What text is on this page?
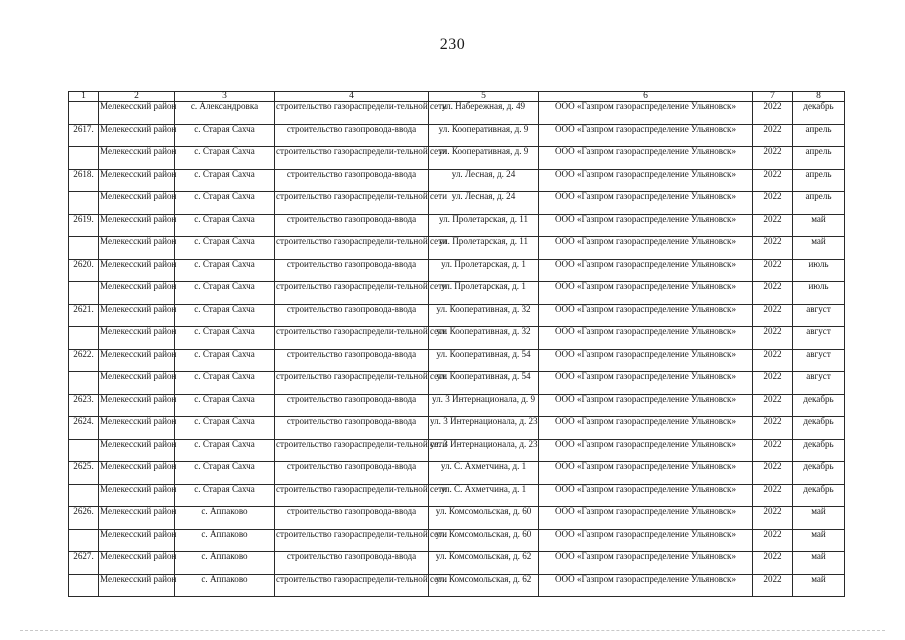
230
1	2	3	4	5	6	7	8
	Мелекесский район	с. Александровка	строительство газораспредели-тельной сети	ул. Набережная, д. 49	ООО «Газпром газораспределение Ульяновск»	2022	декабрь
2617.	Мелекесский район	с. Старая Сахча	строительство газопровода-ввода	ул. Кооперативная, д. 9	ООО «Газпром газораспределение Ульяновск»	2022	апрель
	Мелекесский район	с. Старая Сахча	строительство газораспредели-тельной сети	ул. Кооперативная, д. 9	ООО «Газпром газораспределение Ульяновск»	2022	апрель
2618.	Мелекесский район	с. Старая Сахча	строительство газопровода-ввода	ул. Лесная, д. 24	ООО «Газпром газораспределение Ульяновск»	2022	апрель
	Мелекесский район	с. Старая Сахча	строительство газораспредели-тельной сети	ул. Лесная, д. 24	ООО «Газпром газораспределение Ульяновск»	2022	апрель
2619.	Мелекесский район	с. Старая Сахча	строительство газопровода-ввода	ул. Пролетарская, д. 11	ООО «Газпром газораспределение Ульяновск»	2022	май
	Мелекесский район	с. Старая Сахча	строительство газораспредели-тельной сети	ул. Пролетарская, д. 11	ООО «Газпром газораспределение Ульяновск»	2022	май
2620.	Мелекесский район	с. Старая Сахча	строительство газопровода-ввода	ул. Пролетарская, д. 1	ООО «Газпром газораспределение Ульяновск»	2022	июль
	Мелекесский район	с. Старая Сахча	строительство газораспредели-тельной сети	ул. Пролетарская, д. 1	ООО «Газпром газораспределение Ульяновск»	2022	июль
2621.	Мелекесский район	с. Старая Сахча	строительство газопровода-ввода	ул. Кооперативная, д. 32	ООО «Газпром газораспределение Ульяновск»	2022	август
	Мелекесский район	с. Старая Сахча	строительство газораспредели-тельной сети	ул. Кооперативная, д. 32	ООО «Газпром газораспределение Ульяновск»	2022	август
2622.	Мелекесский район	с. Старая Сахча	строительство газопровода-ввода	ул. Кооперативная, д. 54	ООО «Газпром газораспределение Ульяновск»	2022	август
	Мелекесский район	с. Старая Сахча	строительство газораспредели-тельной сети	ул. Кооперативная, д. 54	ООО «Газпром газораспределение Ульяновск»	2022	август
2623.	Мелекесский район	с. Старая Сахча	строительство газопровода-ввода	ул. 3 Интернационала, д. 9	ООО «Газпром газораспределение Ульяновск»	2022	декабрь
2624.	Мелекесский район	с. Старая Сахча	строительство газопровода-ввода	ул. 3 Интернационала, д. 23	ООО «Газпром газораспределение Ульяновск»	2022	декабрь
	Мелекесский район	с. Старая Сахча	строительство газораспредели-тельной сети	ул. 3 Интернационала, д. 23	ООО «Газпром газораспределение Ульяновск»	2022	декабрь
2625.	Мелекесский район	с. Старая Сахча	строительство газопровода-ввода	ул. С. Ахметчина, д. 1	ООО «Газпром газораспределение Ульяновск»	2022	декабрь
	Мелекесский район	с. Старая Сахча	строительство газораспредели-тельной сети	ул. С. Ахметчина, д. 1	ООО «Газпром газораспределение Ульяновск»	2022	декабрь
2626.	Мелекесский район	с. Аппаково	строительство газопровода-ввода	ул. Комсомольская, д. 60	ООО «Газпром газораспределение Ульяновск»	2022	май
	Мелекесский район	с. Аппаково	строительство газораспредели-тельной сети	ул. Комсомольская, д. 60	ООО «Газпром газораспределение Ульяновск»	2022	май
2627.	Мелекесский район	с. Аппаково	строительство газопровода-ввода	ул. Комсомольская, д. 62	ООО «Газпром газораспределение Ульяновск»	2022	май
	Мелекесский район	с. Аппаково	строительство газораспредели-тельной сети	ул. Комсомольская, д. 62	ООО «Газпром газораспределение Ульяновск»	2022	май
